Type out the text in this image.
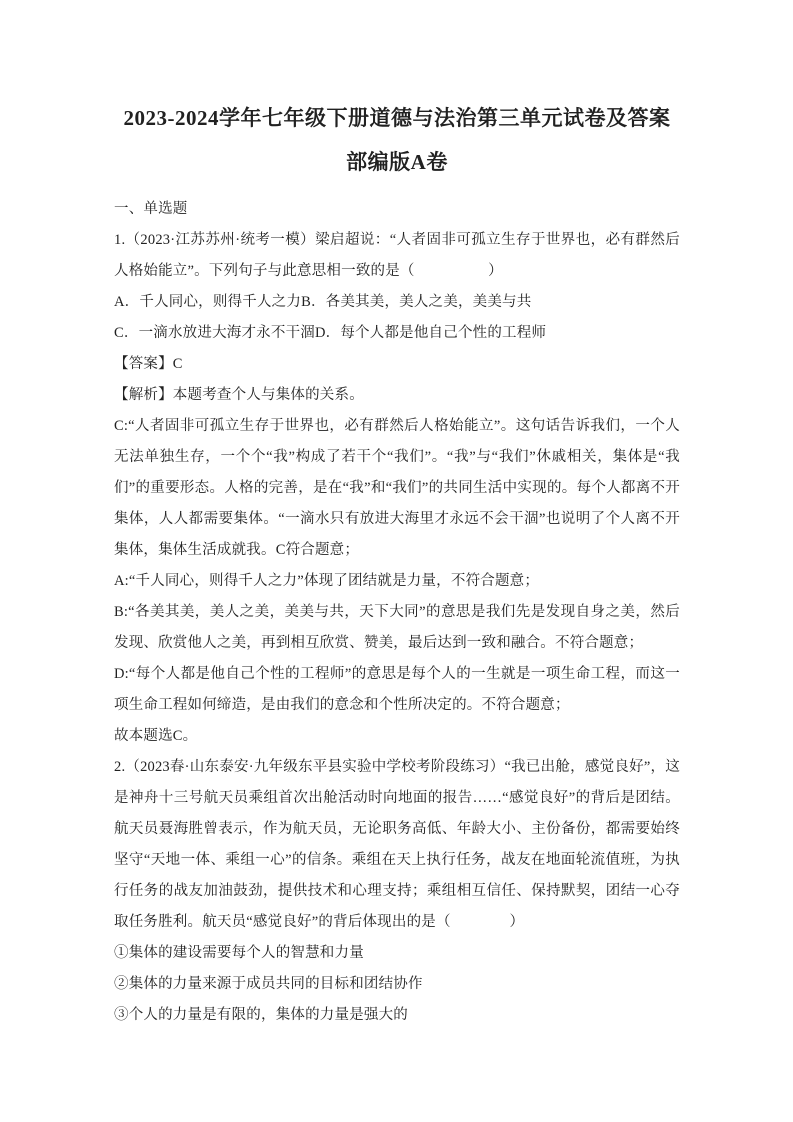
2023-2024学年七年级下册道德与法治第三单元试卷及答案
部编版A卷

一、单选题

1.（2023·江苏苏州·统考一模）梁启超说：“人者固非可孤立生存于世界也，必有群然后人格始能立”。下列句子与此意思相一致的是（　　　　　）

A．千人同心，则得千人之力 B．各美其美，美人之美，美美与共
C．一滴水放进大海才永不干涸 D．每个人都是他自己个性的工程师

【答案】C

【解析】本题考查个人与集体的关系。

C:“人者固非可孤立生存于世界也，必有群然后人格始能立”。这句话告诉我们，一个人无法单独生存，一个个“我”构成了若干个“我们”。“我”与“我们”休戚相关，集体是“我们”的重要形态。人格的完善，是在“我”和“我们”的共同生活中实现的。每个人都离不开集体，人人都需要集体。“一滴水只有放进大海里才永远不会干涸”也说明了个人离不开集体，集体生活成就我。C符合题意；

A:“千人同心，则得千人之力”体现了团结就是力量，不符合题意；

B:“各美其美，美人之美，美美与共，天下大同”的意思是我们先是发现自身之美，然后发现、欣赏他人之美，再到相互欣赏、赞美，最后达到一致和融合。不符合题意；

D:“每个人都是他自己个性的工程师”的意思是每个人的一生就是一项生命工程，而这一项生命工程如何缔造，是由我们的意念和个性所决定的。不符合题意；

故本题选C。

2.（2023春·山东泰安·九年级东平县实验中学校考阶段练习）“我已出舱，感觉良好”，这是神舟十三号航天员乘组首次出舱活动时向地面的报告……“感觉良好”的背后是团结。航天员聂海胜曾表示，作为航天员，无论职务高低、年龄大小、主份备份，都需要始终坚守“天地一体、乘组一心”的信条。乘组在天上执行任务，战友在地面轮流值班，为执行任务的战友加油鼓劲，提供技术和心理支持；乘组相互信任、保持默契，团结一心夺取任务胜利。航天员“感觉良好”的背后体现出的是（　　　　）

①集体的建设需要每个人的智慧和力量

②集体的力量来源于成员共同的目标和团结协作

③个人的力量是有限的，集体的力量是强大的
